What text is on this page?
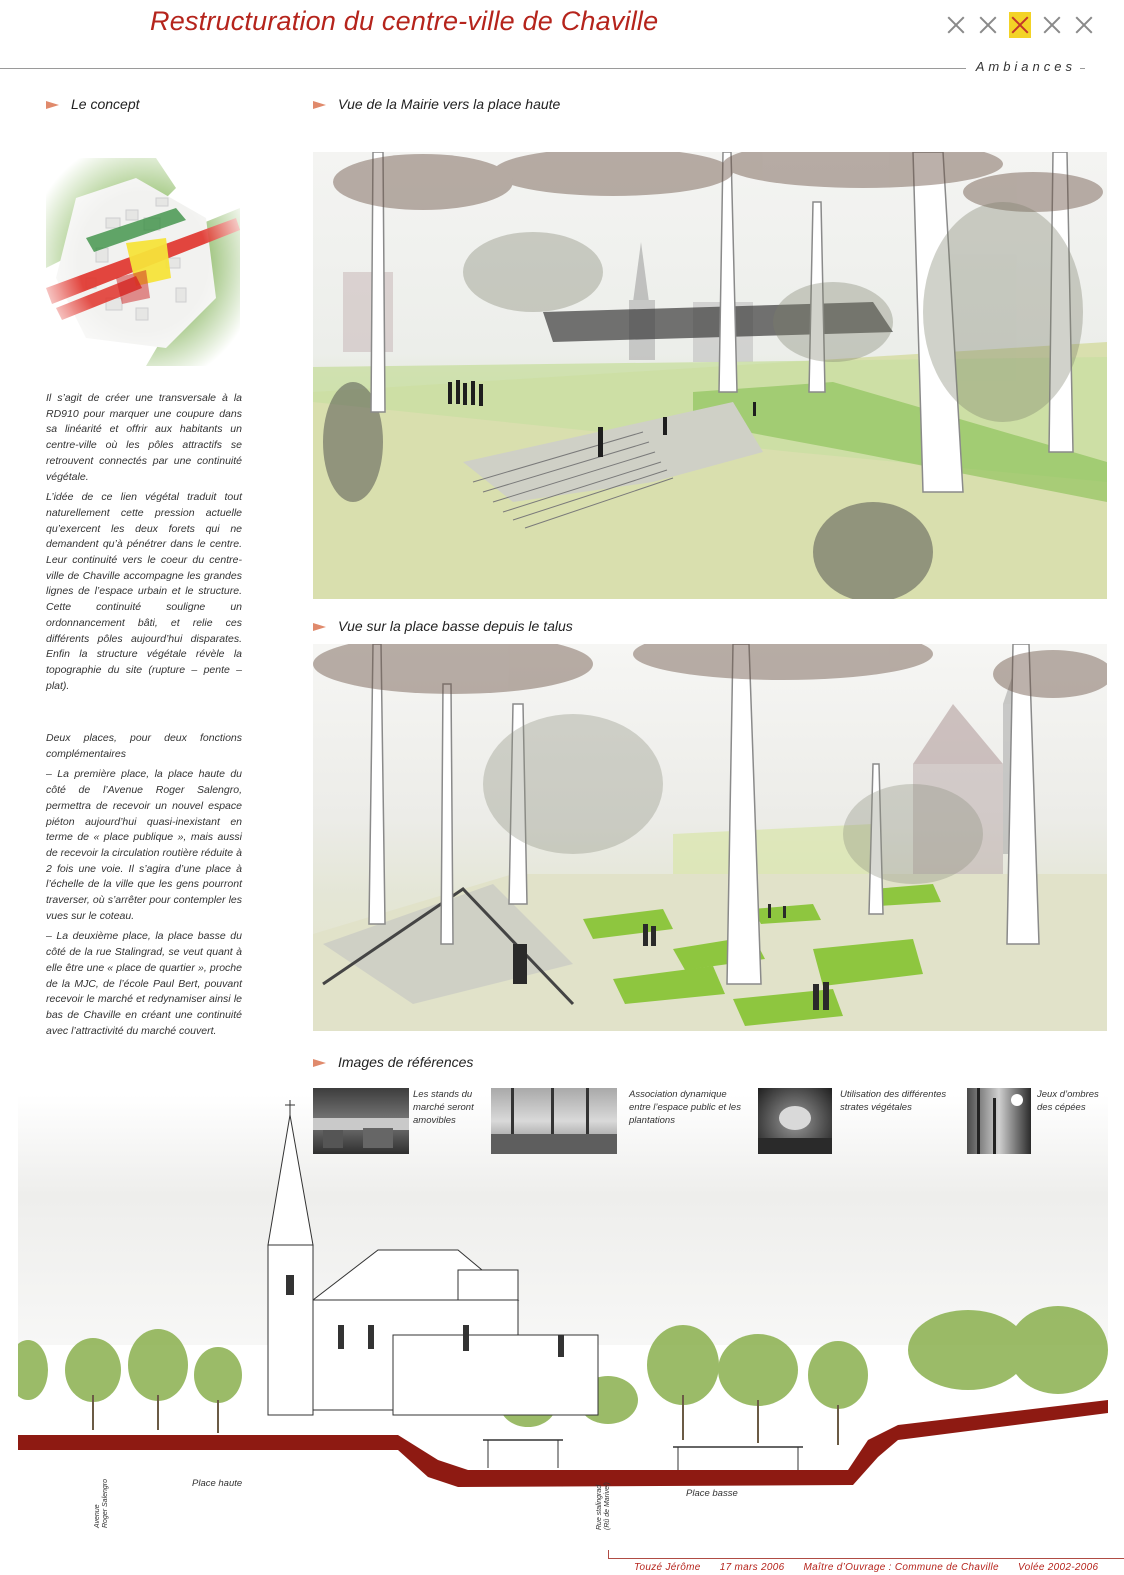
Restructuration du centre-ville de Chaville
Ambiances
Le concept	Vue de la Mairie vers la place haute

Il s’agit de créer une transversale à la RD910 pour marquer une coupure dans sa linéarité et offrir aux habitants un centre-ville où les pôles attractifs se retrouvent connectés par une continuité végétale.

L’idée de ce lien végétal traduit tout naturellement cette pression actuelle qu’exercent les deux forets qui ne demandent qu’à pénétrer dans le centre. Leur continuité vers le coeur du centre-ville de Chaville accompagne les grandes lignes de l’espace urbain et le structure. Cette continuité souligne un ordonnancement bâti, et relie ces différents pôles aujourd’hui disparates. Enfin la structure végétale révèle la topographie du site (rupture – pente – plat).

Deux places, pour deux fonctions complémentaires

– La première place, la place haute du côté de l’Avenue Roger Salengro, permettra de recevoir un nouvel espace piéton aujourd’hui quasi-inexistant en terme de « place publique », mais aussi de recevoir la circulation routière réduite à 2 fois une voie. Il s’agira d’une place à l’échelle de la ville que les gens pourront traverser, où s’arrêter pour contempler les vues sur le coteau.

– La deuxième place, la place basse du côté de la rue Stalingrad, se veut quant à elle être une « place de quartier », proche de la MJC, de l’école Paul Bert, pouvant recevoir le marché et redynamiser ainsi le bas de Chaville en créant une continuité avec l’attractivité du marché couvert.

Vue sur la place basse depuis le talus
Images de références
Les stands du marché seront amovibles
Association dynamique entre l’espace public et les plantations
Utilisation des différentes strates végétales
Jeux d’ombres des cépées
Place haute
Place basse
Avenue Roger Salengro	Rue stalingrad (Rû de Marivel)
Touzé Jérôme 17 mars 2006 Maître d’Ouvrage : Commune de Chaville Volée 2002-2006
